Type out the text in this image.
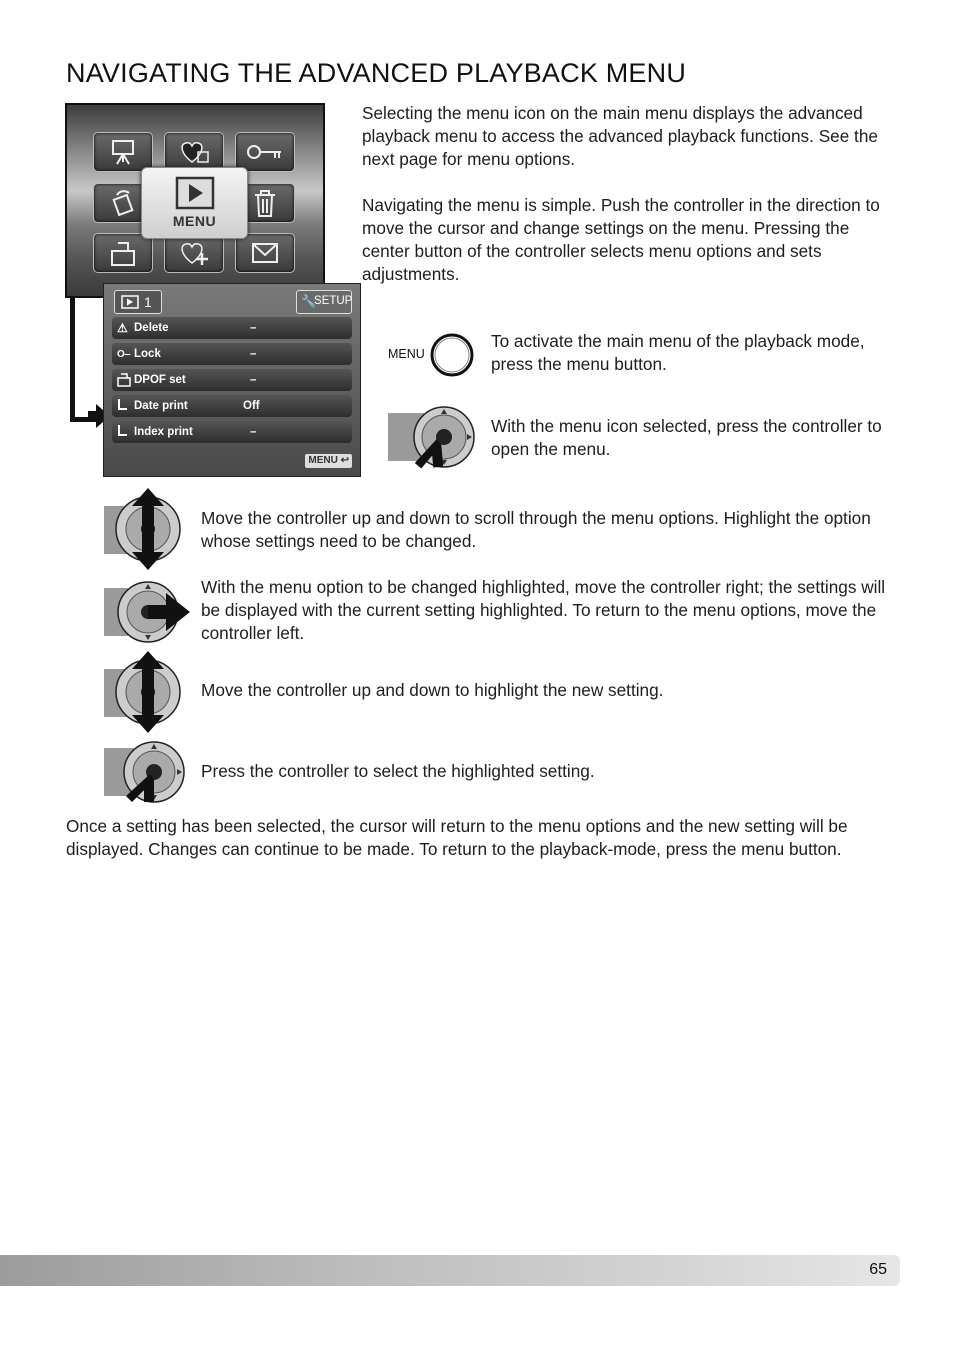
NAVIGATING THE ADVANCED PLAYBACK MENU
MENU
1	🔧
SETUP
⚠ Delete	–
O‒ Lock	–
DPOF set	–
Date print	Off
Index print	–
MENU ↩

Selecting the menu icon on the main menu displays the advanced playback menu to access the advanced playback functions. See the next page for menu options.

Navigating the menu is simple. Push the controller in the direction to move the cursor and change settings on the menu. Pressing the center button of the controller selects menu options and sets adjustments.

MENU

To activate the main menu of the playback mode, press the menu button.

With the menu icon selected, press the controller to open the menu.

Move the controller up and down to scroll through the menu options. Highlight the option whose settings need to be changed.

With the menu option to be changed highlighted, move the controller right; the settings will be displayed with the current setting highlighted. To return to the menu options, move the controller left.

Move the controller up and down to highlight the new setting.

Press the controller to select the highlighted setting.

Once a setting has been selected, the cursor will return to the menu options and the new setting will be displayed. Changes can continue to be made. To return to the playback-mode, press the menu button.

65
